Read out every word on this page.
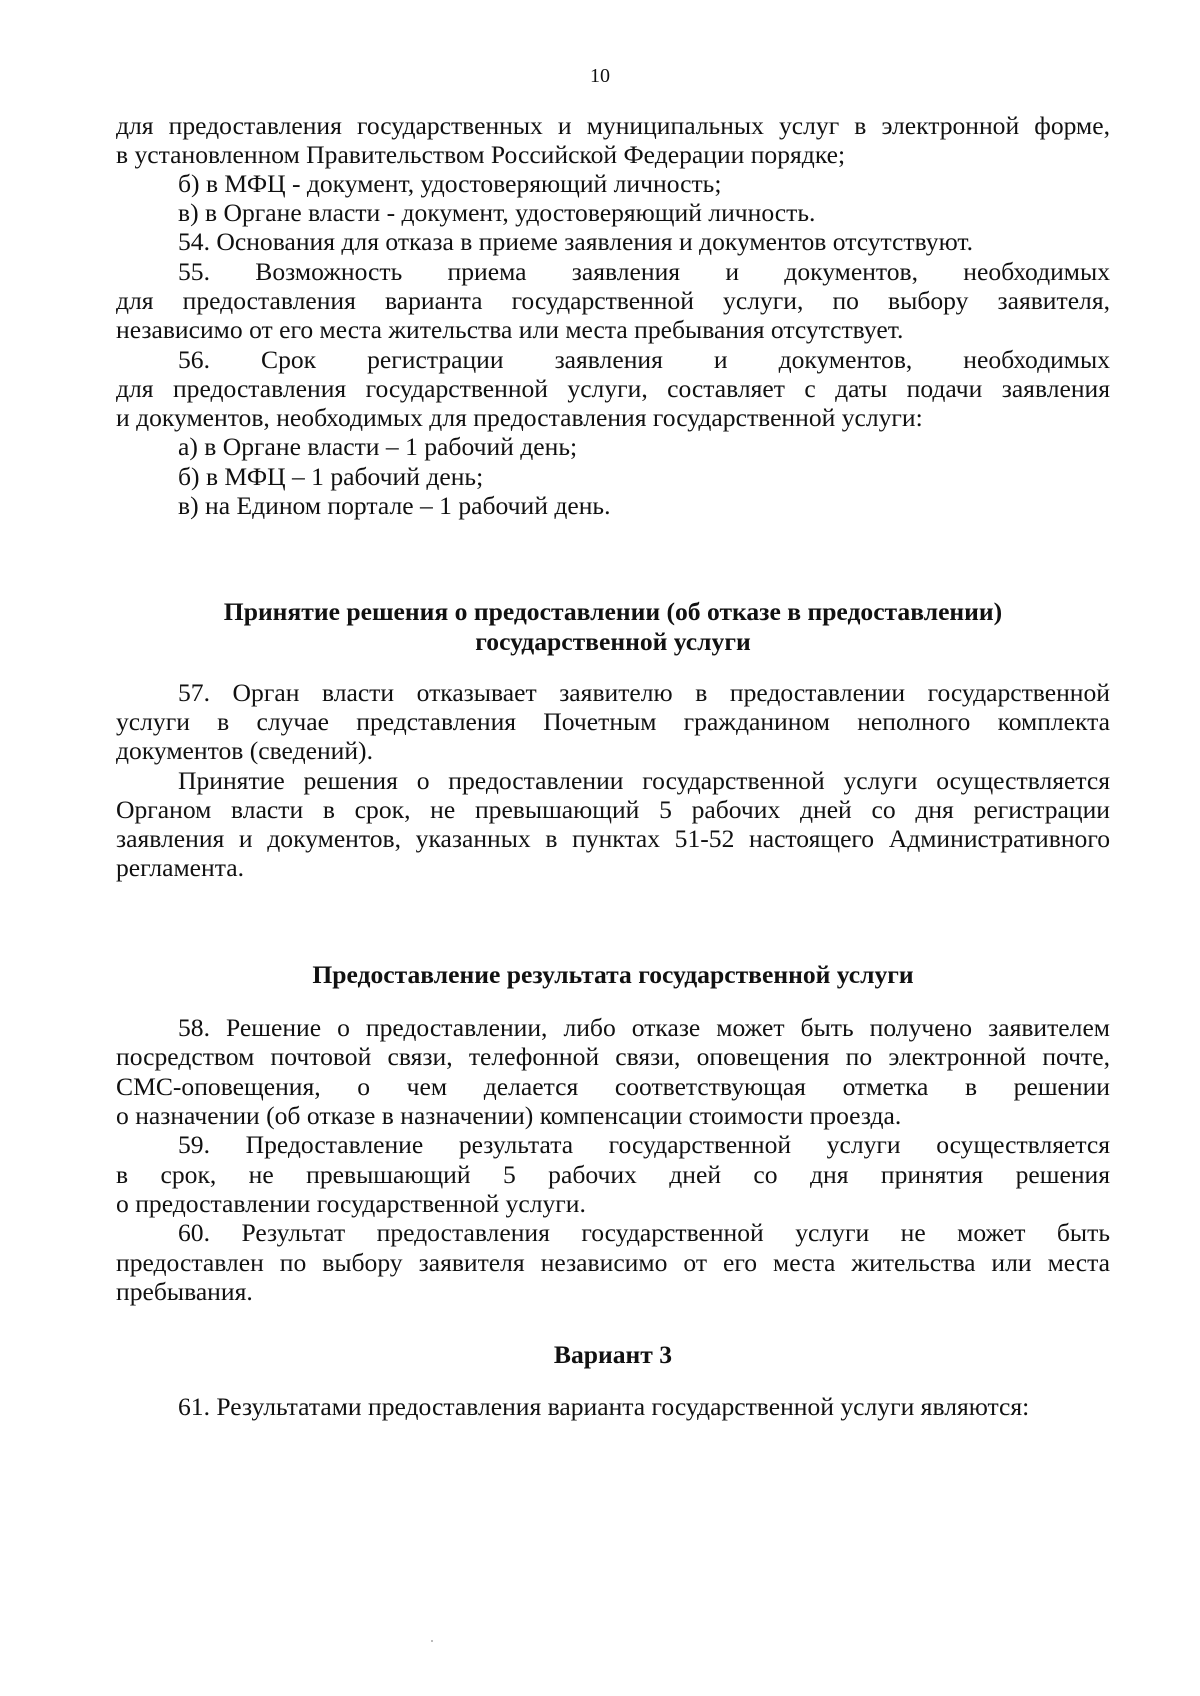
10
для предоставления государственных и муниципальных услуг в электронной форме,
в установленном Правительством Российской Федерации порядке;
б) в МФЦ - документ, удостоверяющий личность;
в) в Органе власти - документ, удостоверяющий личность.
54. Основания для отказа в приеме заявления и документов отсутствуют.
55. Возможность приема заявления и документов, необходимых
для предоставления варианта государственной услуги, по выбору заявителя,
независимо от его места жительства или места пребывания отсутствует.
56. Срок регистрации заявления и документов, необходимых
для предоставления государственной услуги, составляет с даты подачи заявления
и документов, необходимых для предоставления государственной услуги:
а) в Органе власти – 1 рабочий день;
б) в МФЦ – 1 рабочий день;
в) на Едином портале – 1 рабочий день.
Принятие решения о предоставлении (об отказе в предоставлении)
государственной услуги
57. Орган власти отказывает заявителю в предоставлении государственной
услуги в случае представления Почетным гражданином неполного комплекта
документов (сведений).
Принятие решения о предоставлении государственной услуги осуществляется
Органом власти в срок, не превышающий 5 рабочих дней со дня регистрации
заявления и документов, указанных в пунктах 51-52 настоящего Административного
регламента.
Предоставление результата государственной услуги
58. Решение о предоставлении, либо отказе может быть получено заявителем
посредством почтовой связи, телефонной связи, оповещения по электронной почте,
СМС-оповещения, о чем делается соответствующая отметка в решении
о назначении (об отказе в назначении) компенсации стоимости проезда.
59. Предоставление результата государственной услуги осуществляется
в срок, не превышающий 5 рабочих дней со дня принятия решения
о предоставлении государственной услуги.
60. Результат предоставления государственной услуги не может быть
предоставлен по выбору заявителя независимо от его места жительства или места
пребывания.
Вариант 3
61. Результатами предоставления варианта государственной услуги являются:
